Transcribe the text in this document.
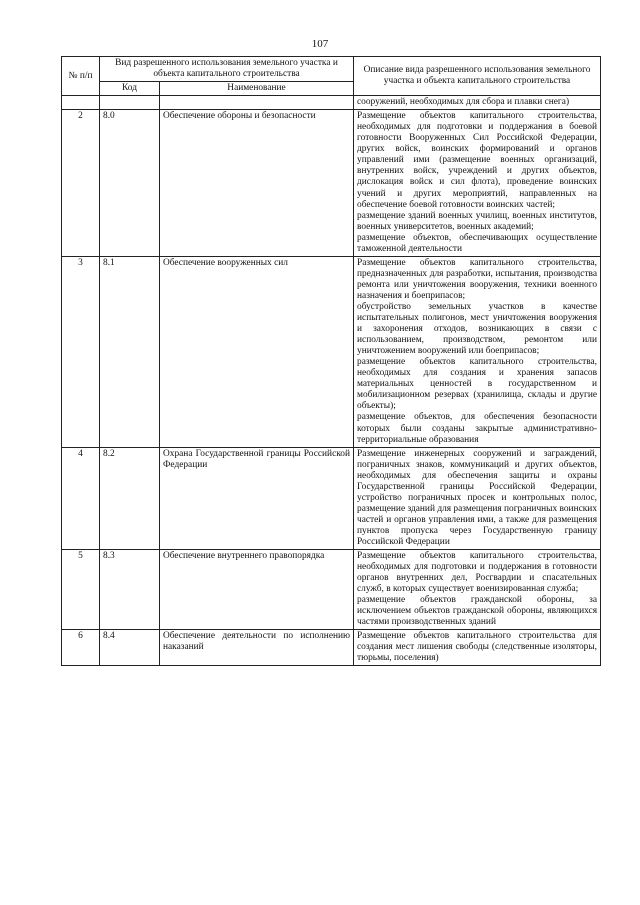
107
№ п/п	Вид разрешенного использования земельного участка и объекта капитального строительства		Описание вида разрешенного использования земельного участка и объекта капитального строительства
	Код	Наименование	
			сооружений, необходимых для сбора и плавки снега)
2	8.0	Обеспечение обороны и безопасности	Размещение объектов капитального строительства, необходимых для подготовки и поддержания в боевой готовности Вооруженных Сил Российской Федерации, других войск, воинских формирований и органов управлений ими (размещение военных организаций, внутренних войск, учреждений и других объектов, дислокация войск и сил флота), проведение воинских учений и других мероприятий, направленных на обеспечение боевой готовности воинских частей;

размещение зданий военных училищ, военных институтов, военных университетов, военных академий;

размещение объектов, обеспечивающих осуществление таможенной деятельности

3	8.1	Обеспечение вооруженных сил	Размещение объектов капитального строительства, предназначенных для разработки, испытания, производства ремонта или уничтожения вооружения, техники военного назначения и боеприпасов;

обустройство земельных участков в качестве испытательных полигонов, мест уничтожения вооружения и захоронения отходов, возникающих в связи с использованием, производством, ремонтом или уничтожением вооружений или боеприпасов;

размещение объектов капитального строительства, необходимых для создания и хранения запасов материальных ценностей в государственном и мобилизационном резервах (хранилища, склады и другие объекты);

размещение объектов, для обеспечения безопасности которых были созданы закрытые административно-территориальные образования

4	8.2	Охрана Государственной границы Российской Федерации	Размещение инженерных сооружений и заграждений, пограничных знаков, коммуникаций и других объектов, необходимых для обеспечения защиты и охраны Государственной границы Российской Федерации, устройство пограничных просек и контрольных полос, размещение зданий для размещения пограничных воинских частей и органов управления ими, а также для размещения пунктов пропуска через Государственную границу Российской Федерации

5	8.3	Обеспечение внутреннего правопорядка	Размещение объектов капитального строительства, необходимых для подготовки и поддержания в готовности органов внутренних дел, Росгвардии и спасательных служб, в которых существует военизированная служба;

размещение объектов гражданской обороны, за исключением объектов гражданской обороны, являющихся частями производственных зданий

6	8.4	Обеспечение деятельности по исполнению наказаний	Размещение объектов капитального строительства для создания мест лишения свободы (следственные изоляторы, тюрьмы, поселения)
